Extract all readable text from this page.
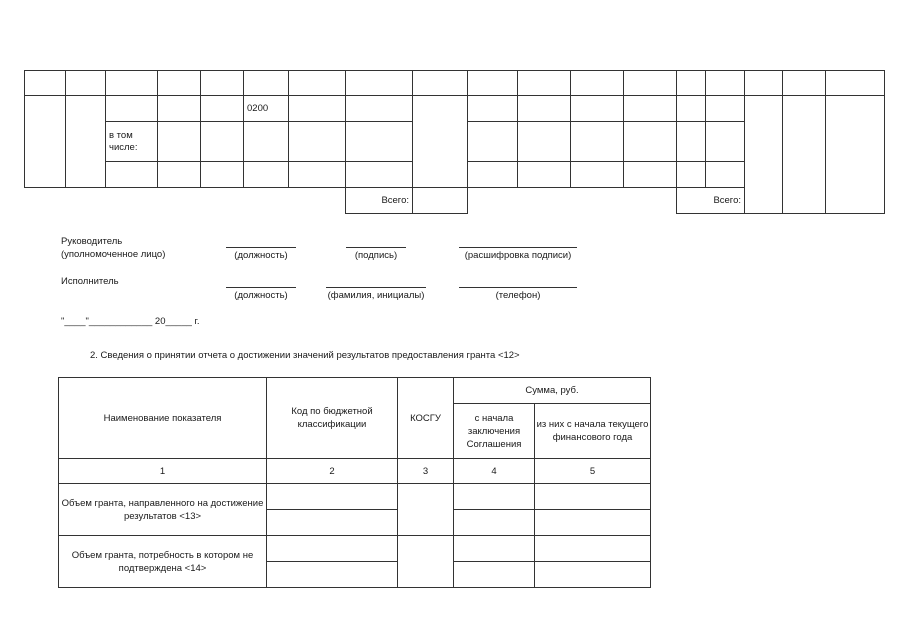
					0200												
		в том числе:															

							Всего:						Всего:				
Руководитель
(уполномоченное лицо)	(должность)	(подпись)	(расшифровка подписи)
Исполнитель
(должность)	(фамилия, инициалы)	(телефон)
"____"____________ 20_____ г.
2. Сведения о принятии отчета о достижении значений результатов предоставления гранта <12>
Наименование показателя	Код по бюджетной классификации	КОСГУ	Сумма, руб.	
			с начала заключения Соглашения	из них с начала текущего финансового года
1	2	3	4	5
Объем гранта, направленного на достижение результатов <13>				

Объем гранта, потребность в котором не подтверждена <14>				
